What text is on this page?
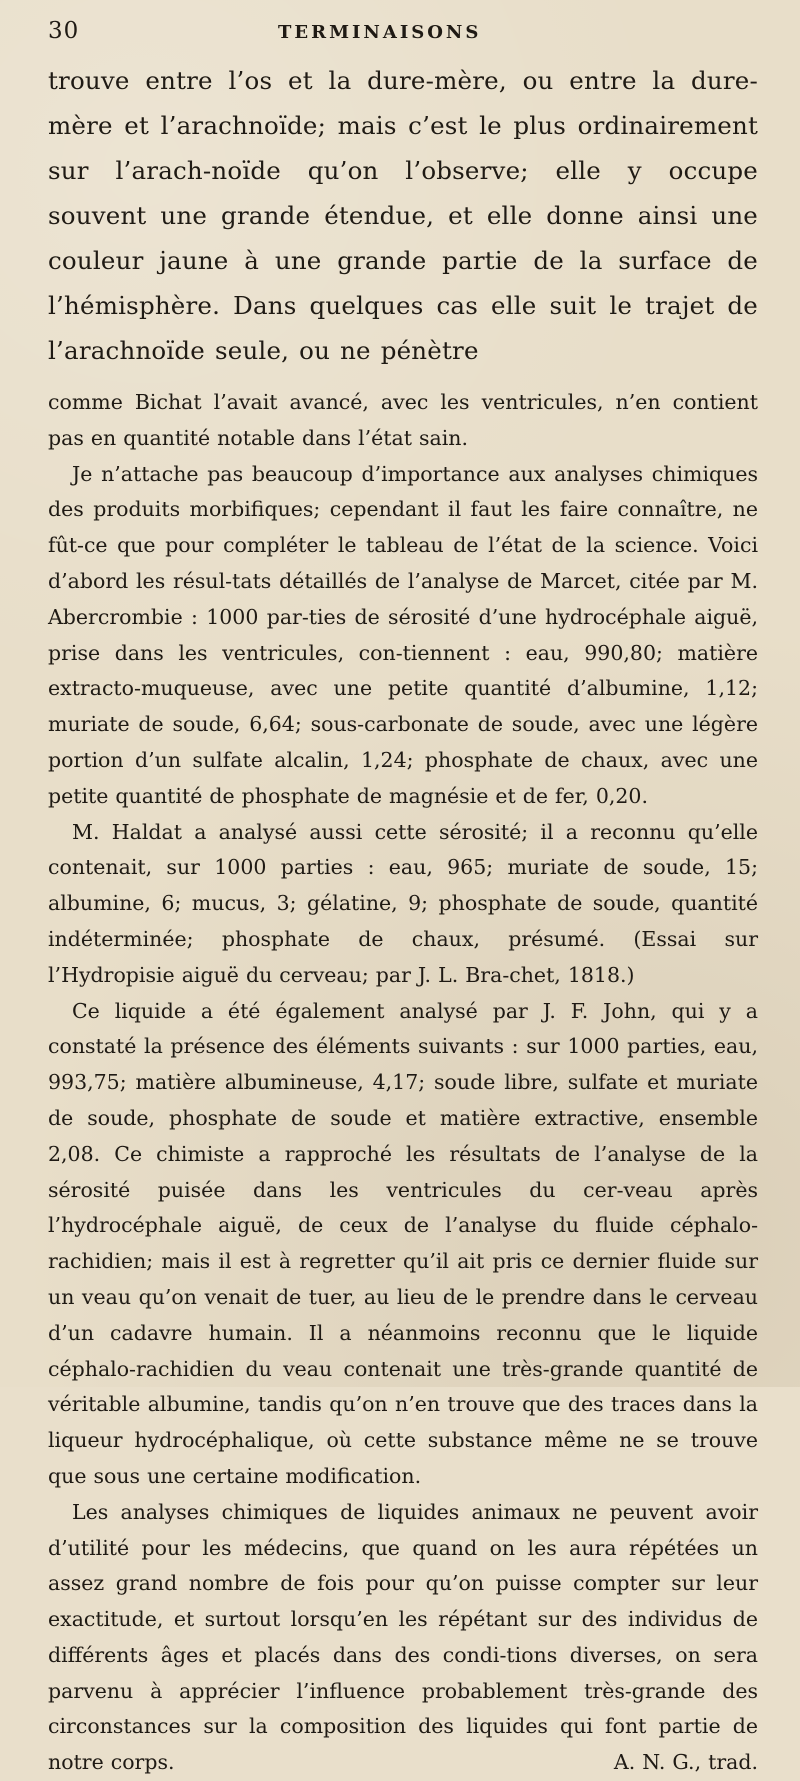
30	TERMINAISONS

trouve entre l’os et la dure-mère, ou entre la dure-mère et l’arachnoïde; mais c’est le plus ordinairement sur l’arach-noïde qu’on l’observe; elle y occupe souvent une grande étendue, et elle donne ainsi une couleur jaune à une grande partie de la surface de l’hémisphère. Dans quelques cas elle suit le trajet de l’arachnoïde seule, ou ne pénètre

comme Bichat l’avait avancé, avec les ventricules, n’en contient pas en quantité notable dans l’état sain.

Je n’attache pas beaucoup d’importance aux analyses chimiques des produits morbifiques; cependant il faut les faire connaître, ne fût-ce que pour compléter le tableau de l’état de la science. Voici d’abord les résul-tats détaillés de l’analyse de Marcet, citée par M. Abercrombie : 1000 par-ties de sérosité d’une hydrocéphale aiguë, prise dans les ventricules, con-tiennent : eau, 990,80; matière extracto-muqueuse, avec une petite quantité d’albumine, 1,12; muriate de soude, 6,64; sous-carbonate de soude, avec une légère portion d’un sulfate alcalin, 1,24; phosphate de chaux, avec une petite quantité de phosphate de magnésie et de fer, 0,20.

M. Haldat a analysé aussi cette sérosité; il a reconnu qu’elle contenait, sur 1000 parties : eau, 965; muriate de soude, 15; albumine, 6; mucus, 3; gélatine, 9; phosphate de soude, quantité indéterminée; phosphate de chaux, présumé. (Essai sur l’Hydropisie aiguë du cerveau; par J. L. Bra-chet, 1818.)

Ce liquide a été également analysé par J. F. John, qui y a constaté la présence des éléments suivants : sur 1000 parties, eau, 993,75; matière albumineuse, 4,17; soude libre, sulfate et muriate de soude, phosphate de soude et matière extractive, ensemble 2,08. Ce chimiste a rapproché les résultats de l’analyse de la sérosité puisée dans les ventricules du cer-veau après l’hydrocéphale aiguë, de ceux de l’analyse du fluide céphalo-rachidien; mais il est à regretter qu’il ait pris ce dernier fluide sur un veau qu’on venait de tuer, au lieu de le prendre dans le cerveau d’un cadavre humain. Il a néanmoins reconnu que le liquide céphalo-rachidien du veau contenait une très-grande quantité de véritable albumine, tandis qu’on n’en trouve que des traces dans la liqueur hydrocéphalique, où cette substance même ne se trouve que sous une certaine modification.

Les analyses chimiques de liquides animaux ne peuvent avoir d’utilité pour les médecins, que quand on les aura répétées un assez grand nombre de fois pour qu’on puisse compter sur leur exactitude, et surtout lorsqu’en les répétant sur des individus de différents âges et placés dans des condi-tions diverses, on sera parvenu à apprécier l’influence probablement très-grande des circonstances sur la composition des liquides qui font partie de notre corps.	A. N. G., trad.
